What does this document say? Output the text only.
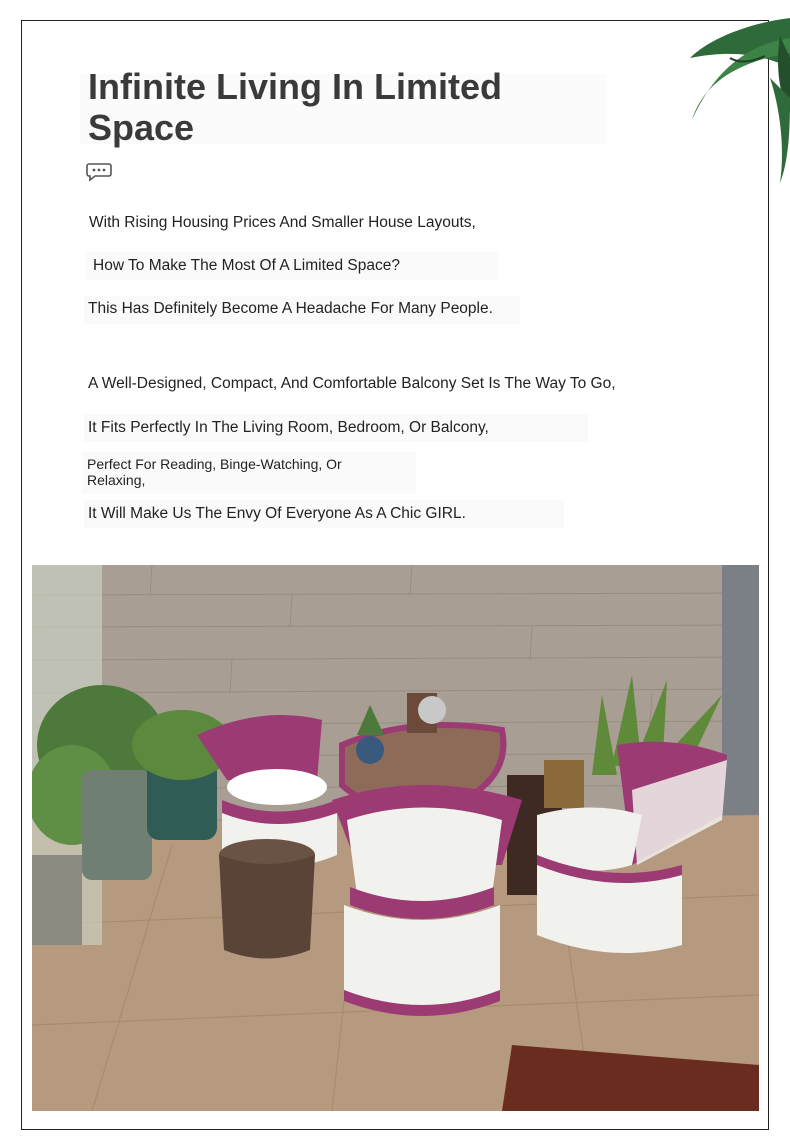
Infinite Living In Limited Space

With Rising Housing Prices And Smaller House Layouts,

How To Make The Most Of A Limited Space?

This Has Definitely Become A Headache For Many People.

A Well-Designed, Compact, And Comfortable Balcony Set Is The Way To Go,

It Fits Perfectly In The Living Room, Bedroom, Or Balcony,

Perfect For Reading, Binge-Watching, Or Relaxing,

It Will Make Us The Envy Of Everyone As A Chic GIRL.
